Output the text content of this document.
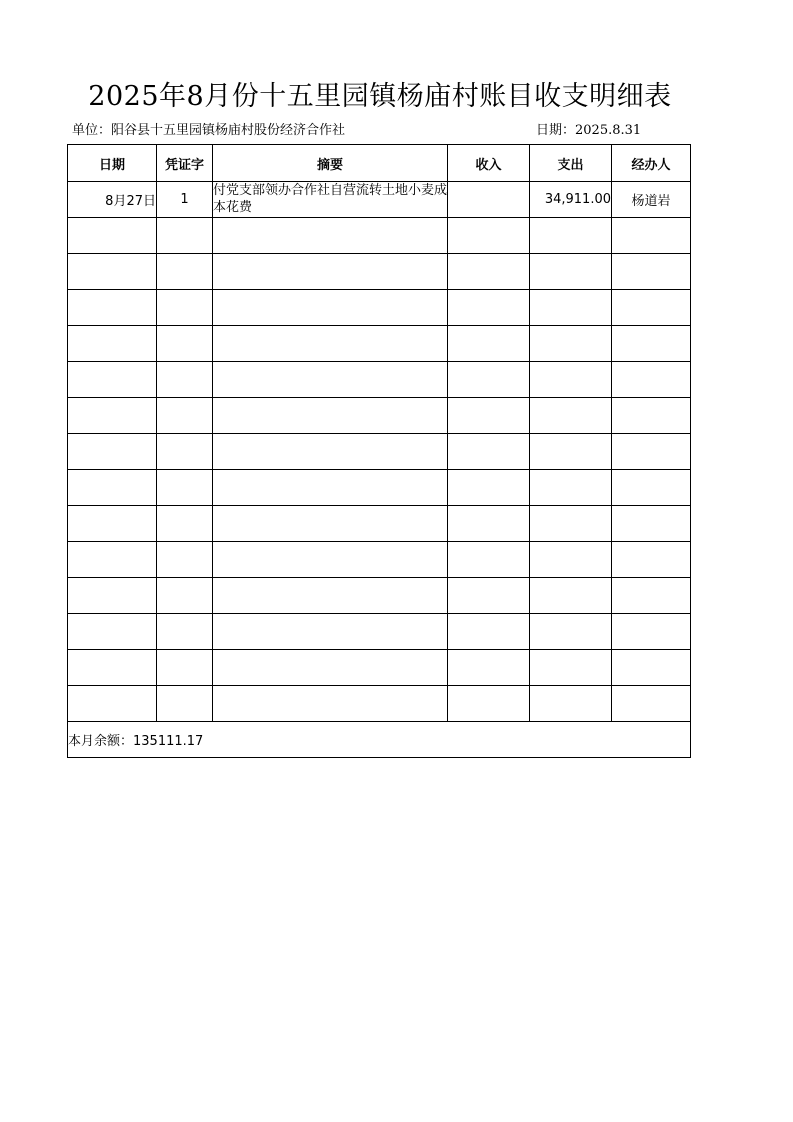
2025年8月份十五里园镇杨庙村账目收支明细表
单位：阳谷县十五里园镇杨庙村股份经济合作社	日期：2025.8.31
日期	凭证字	摘要	收入	支出	经办人
8月27日	1	付党支部领办合作社自营流转土地小麦成本花费		34,911.00	杨道岩

本月余额：135111.17					
